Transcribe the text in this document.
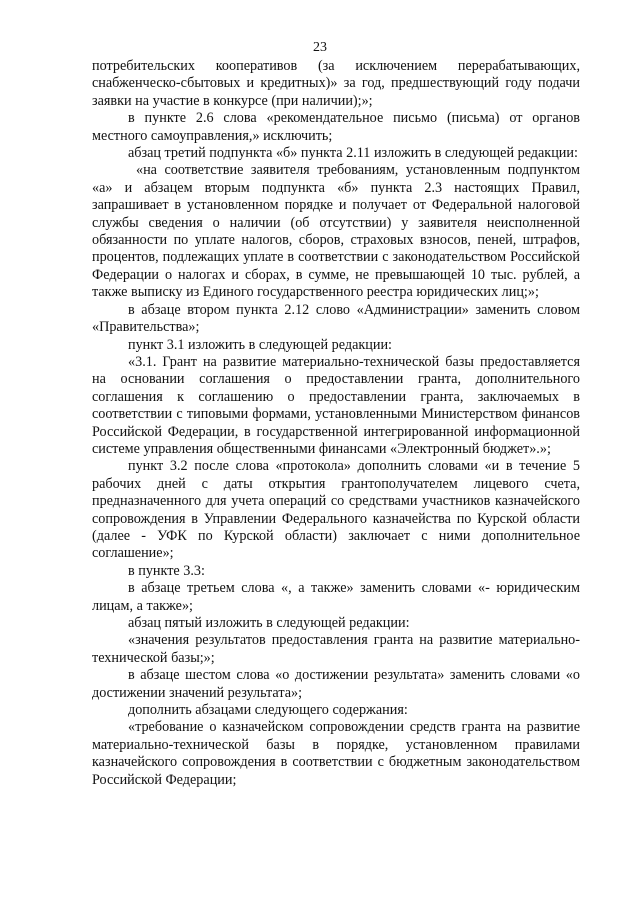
23

потребительских кооперативов (за исключением перерабатывающих, снабженческо-сбытовых и кредитных)» за год, предшествующий году подачи заявки на участие в конкурсе (при наличии);»;

в пункте 2.6 слова «рекомендательное письмо (письма) от органов местного самоуправления,» исключить;

абзац третий подпункта «б» пункта 2.11 изложить в следующей редакции:

«на соответствие заявителя требованиям, установленным подпунктом «а» и абзацем вторым подпункта «б» пункта 2.3 настоящих Правил, запрашивает в установленном порядке и получает от Федеральной налоговой службы сведения о наличии (об отсутствии) у заявителя неисполненной обязанности по уплате налогов, сборов, страховых взносов, пеней, штрафов, процентов, подлежащих уплате в соответствии с законодательством Российской Федерации о налогах и сборах, в сумме, не превышающей 10 тыс. рублей, а также выписку из Единого государственного реестра юридических лиц;»;

в абзаце втором пункта 2.12 слово «Администрации» заменить словом «Правительства»;

пункт 3.1 изложить в следующей редакции:

«3.1. Грант на развитие материально-технической базы предоставляется на основании соглашения о предоставлении гранта, дополнительного соглашения к соглашению о предоставлении гранта, заключаемых в соответствии с типовыми формами, установленными Министерством финансов Российской Федерации, в государственной интегрированной информационной системе управления общественными финансами «Электронный бюджет».»;

пункт 3.2 после слова «протокола» дополнить словами «и в течение 5 рабочих дней с даты открытия грантополучателем лицевого счета, предназначенного для учета операций со средствами участников казначейского сопровождения в Управлении Федерального казначейства по Курской области (далее - УФК по Курской области) заключает с ними дополнительное соглашение»;

в пункте 3.3:

в абзаце третьем слова «, а также» заменить словами «- юридическим лицам, а также»;

абзац пятый изложить в следующей редакции:

«значения результатов предоставления гранта на развитие материально-технической базы;»;

в абзаце шестом слова «о достижении результата» заменить словами «о достижении значений результата»;

дополнить абзацами следующего содержания:

«требование о казначейском сопровождении средств гранта на развитие материально-технической базы в порядке, установленном правилами казначейского сопровождения в соответствии с бюджетным законодательством Российской Федерации;
